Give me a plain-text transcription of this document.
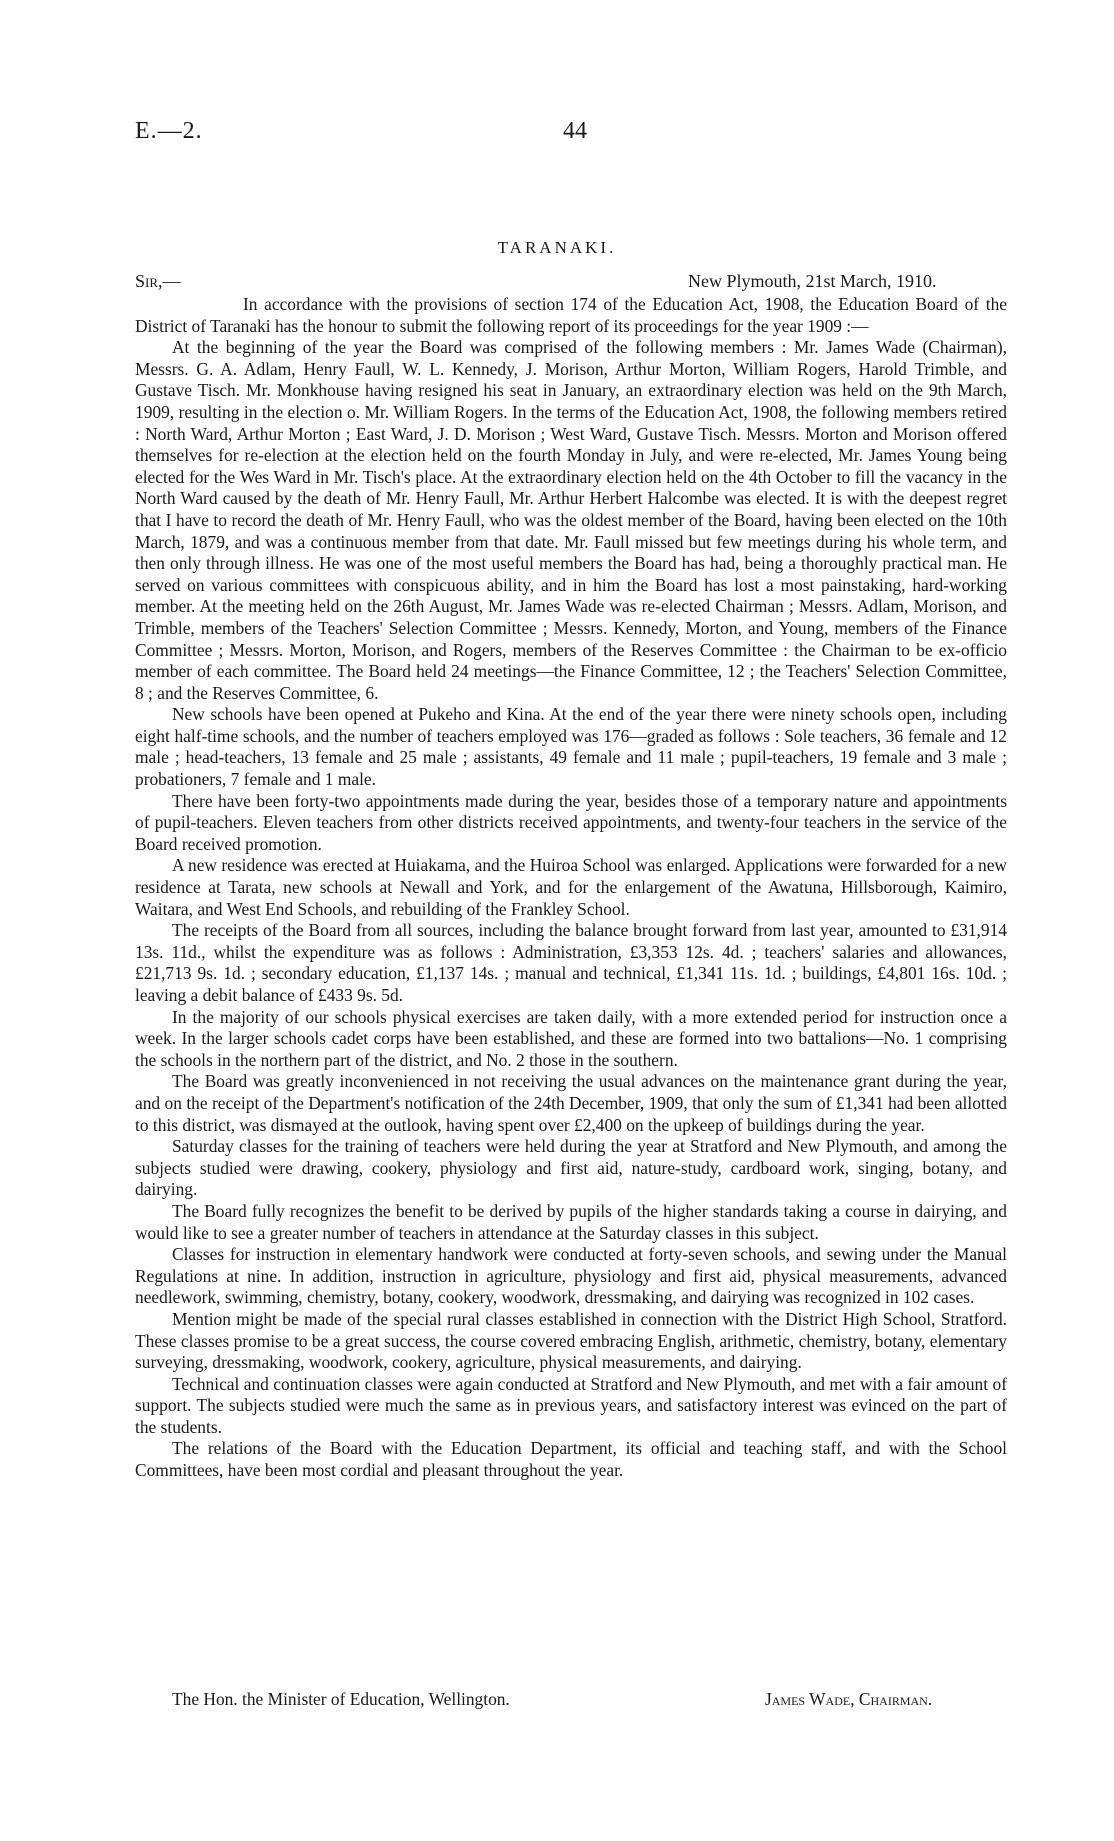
E.—2.	44
TARANAKI.
Sir,—	New Plymouth, 21st March, 1910.

In accordance with the provisions of section 174 of the Education Act, 1908, the Education Board of the District of Taranaki has the honour to submit the following report of its proceedings for the year 1909 :—

At the beginning of the year the Board was comprised of the following members : Mr. James Wade (Chairman), Messrs. G. A. Adlam, Henry Faull, W. L. Kennedy, J. Morison, Arthur Morton, William Rogers, Harold Trimble, and Gustave Tisch. Mr. Monkhouse having resigned his seat in January, an extraordinary election was held on the 9th March, 1909, resulting in the election o. Mr. William Rogers. In the terms of the Education Act, 1908, the following members retired : North Ward, Arthur Morton ; East Ward, J. D. Morison ; West Ward, Gustave Tisch. Messrs. Morton and Morison offered themselves for re-election at the election held on the fourth Monday in July, and were re-elected, Mr. James Young being elected for the Wes Ward in Mr. Tisch's place. At the extraordinary election held on the 4th October to fill the vacancy in the North Ward caused by the death of Mr. Henry Faull, Mr. Arthur Herbert Halcombe was elected. It is with the deepest regret that I have to record the death of Mr. Henry Faull, who was the oldest member of the Board, having been elected on the 10th March, 1879, and was a continuous member from that date. Mr. Faull missed but few meetings during his whole term, and then only through illness. He was one of the most useful members the Board has had, being a thoroughly practical man. He served on various committees with conspicuous ability, and in him the Board has lost a most painstaking, hard-working member. At the meeting held on the 26th August, Mr. James Wade was re-elected Chairman ; Messrs. Adlam, Morison, and Trimble, members of the Teachers' Selection Committee ; Messrs. Kennedy, Morton, and Young, members of the Finance Committee ; Messrs. Morton, Morison, and Rogers, members of the Reserves Committee : the Chairman to be ex-officio member of each committee. The Board held 24 meetings—the Finance Committee, 12 ; the Teachers' Selection Committee, 8 ; and the Reserves Committee, 6.

New schools have been opened at Pukeho and Kina. At the end of the year there were ninety schools open, including eight half-time schools, and the number of teachers employed was 176—graded as follows : Sole teachers, 36 female and 12 male ; head-teachers, 13 female and 25 male ; assistants, 49 female and 11 male ; pupil-teachers, 19 female and 3 male ; probationers, 7 female and 1 male.

There have been forty-two appointments made during the year, besides those of a temporary nature and appointments of pupil-teachers. Eleven teachers from other districts received appointments, and twenty-four teachers in the service of the Board received promotion.

A new residence was erected at Huiakama, and the Huiroa School was enlarged. Applications were forwarded for a new residence at Tarata, new schools at Newall and York, and for the enlargement of the Awatuna, Hillsborough, Kaimiro, Waitara, and West End Schools, and rebuilding of the Frankley School.

The receipts of the Board from all sources, including the balance brought forward from last year, amounted to £31,914 13s. 11d., whilst the expenditure was as follows : Administration, £3,353 12s. 4d. ; teachers' salaries and allowances, £21,713 9s. 1d. ; secondary education, £1,137 14s. ; manual and technical, £1,341 11s. 1d. ; buildings, £4,801 16s. 10d. ; leaving a debit balance of £433 9s. 5d.

In the majority of our schools physical exercises are taken daily, with a more extended period for instruction once a week. In the larger schools cadet corps have been established, and these are formed into two battalions—No. 1 comprising the schools in the northern part of the district, and No. 2 those in the southern.

The Board was greatly inconvenienced in not receiving the usual advances on the maintenance grant during the year, and on the receipt of the Department's notification of the 24th December, 1909, that only the sum of £1,341 had been allotted to this district, was dismayed at the outlook, having spent over £2,400 on the upkeep of buildings during the year.

Saturday classes for the training of teachers were held during the year at Stratford and New Plymouth, and among the subjects studied were drawing, cookery, physiology and first aid, nature-study, cardboard work, singing, botany, and dairying.

The Board fully recognizes the benefit to be derived by pupils of the higher standards taking a course in dairying, and would like to see a greater number of teachers in attendance at the Saturday classes in this subject.

Classes for instruction in elementary handwork were conducted at forty-seven schools, and sewing under the Manual Regulations at nine. In addition, instruction in agriculture, physiology and first aid, physical measurements, advanced needlework, swimming, chemistry, botany, cookery, woodwork, dressmaking, and dairying was recognized in 102 cases.

Mention might be made of the special rural classes established in connection with the District High School, Stratford. These classes promise to be a great success, the course covered embracing English, arithmetic, chemistry, botany, elementary surveying, dressmaking, woodwork, cookery, agriculture, physical measurements, and dairying.

Technical and continuation classes were again conducted at Stratford and New Plymouth, and met with a fair amount of support. The subjects studied were much the same as in previous years, and satisfactory interest was evinced on the part of the students.

The relations of the Board with the Education Department, its official and teaching staff, and with the School Committees, have been most cordial and pleasant throughout the year.

The Hon. the Minister of Education, Wellington.	James Wade, Chairman.
